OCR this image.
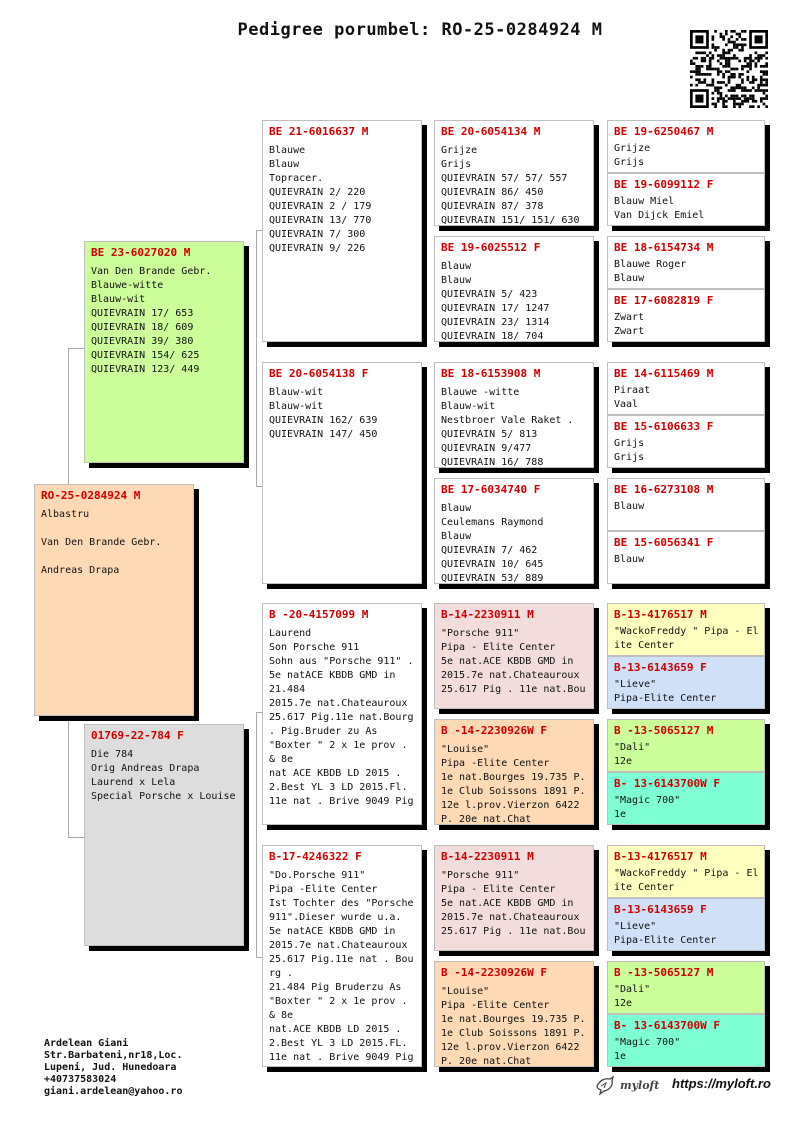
Pedigree porumbel: RO-25-0284924 M
RO-25-0284924 M
Albastru
Van Den Brande Gebr.
Andreas Drapa
BE 23-6027020 M
Van Den Brande Gebr.
Blauwe-witte
Blauw-wit
QUIEVRAIN 17/ 653
QUIEVRAIN 18/ 609
QUIEVRAIN 39/ 380
QUIEVRAIN 154/ 625
QUIEVRAIN 123/ 449
01769-22-784 F
Die 784
Orig Andreas Drapa
Laurend x Lela
Special Porsche x Louise
BE 21-6016637 M
Blauwe
Blauw
Topracer.
QUIEVRAIN 2/ 220
QUIEVRAIN 2 / 179
QUIEVRAIN 13/ 770
QUIEVRAIN 7/ 300
QUIEVRAIN 9/ 226
BE 20-6054138 F
Blauw-wit
Blauw-wit
QUIEVRAIN 162/ 639
QUIEVRAIN 147/ 450
B -20-4157099 M
Laurend
Son Porsche 911
Sohn aus "Porsche 911" .
5e natACE KBDB GMD in
21.484
2015.7e nat.Chateauroux
25.617 Pig.11e nat.Bourg
. Pig.Bruder zu As
"Boxter " 2 x 1e prov .
& 8e
nat ACE KBDB LD 2015 .
2.Best YL 3 LD 2015.Fl.
11e nat . Brive 9049 Pig
B-17-4246322 F
"Do.Porsche 911"
Pipa -Elite Center
Ist Tochter des "Porsche
911".Dieser wurde u.a.
5e natACE KBDB GMD in
2015.7e nat.Chateauroux
25.617 Pig.11e nat . Bou
rg .
21.484 Pig Bruderzu As
"Boxter " 2 x 1e prov .
& 8e
nat.ACE KBDB LD 2015 .
2.Best YL 3 LD 2015.FL.
11e nat . Brive 9049 Pig
BE 20-6054134 M
Grijze
Grijs
QUIEVRAIN 57/ 57/ 557
QUIEVRAIN 86/ 450
QUIEVRAIN 87/ 378
QUIEVRAIN 151/ 151/ 630
BE 19-6025512 F
Blauw
Blauw
QUIEVRAIN 5/ 423
QUIEVRAIN 17/ 1247
QUIEVRAIN 23/ 1314
QUIEVRAIN 18/ 704
BE 18-6153908 M
Blauwe -witte
Blauw-wit
Nestbroer Vale Raket .
QUIEVRAIN 5/ 813
QUIEVRAIN 9/477
QUIEVRAIN 16/ 788
BE 17-6034740 F
Blauw
Ceulemans Raymond
Blauw
QUIEVRAIN 7/ 462
QUIEVRAIN 10/ 645
QUIEVRAIN 53/ 889
B-14-2230911 M
"Porsche 911"
Pipa - Elite Center
5e nat.ACE KBDB GMD in
2015.7e nat.Chateauroux
25.617 Pig . 11e nat.Bou
B -14-2230926W F
"Louise"
Pipa -Elite Center
1e nat.Bourges 19.735 P.
1e Club Soissons 1891 P.
12e l.prov.Vierzon 6422
P. 20e nat.Chat
B-14-2230911 M
"Porsche 911"
Pipa - Elite Center
5e nat.ACE KBDB GMD in
2015.7e nat.Chateauroux
25.617 Pig . 11e nat.Bou
B -14-2230926W F
"Louise"
Pipa -Elite Center
1e nat.Bourges 19.735 P.
1e Club Soissons 1891 P.
12e l.prov.Vierzon 6422
P. 20e nat.Chat
BE 19-6250467 M
Grijze
Grijs
BE 19-6099112 F
Blauw Miel
Van Dijck Emiel
BE 18-6154734 M
Blauwe Roger
Blauw
BE 17-6082819 F
Zwart
Zwart
BE 14-6115469 M
Piraat
Vaal
BE 15-6106633 F
Grijs
Grijs
BE 16-6273108 M
Blauw
BE 15-6056341 F
Blauw
B-13-4176517 M
"WackoFreddy " Pipa - El
ite Center
B-13-6143659 F
"Lieve"
Pipa-Elite Center
B -13-5065127 M
"Dali"
12e
B- 13-6143700W F
"Magic 700"
1e
B-13-4176517 M
"WackoFreddy " Pipa - El
ite Center
B-13-6143659 F
"Lieve"
Pipa-Elite Center
B -13-5065127 M
"Dali"
12e
B- 13-6143700W F
"Magic 700"
1e
Ardelean Giani
Str.Barbateni,nr18,Loc.
Lupeni, Jud. Hunedoara
+40737583024
giani.ardelean@yahoo.ro	myloft https://myloft.ro
